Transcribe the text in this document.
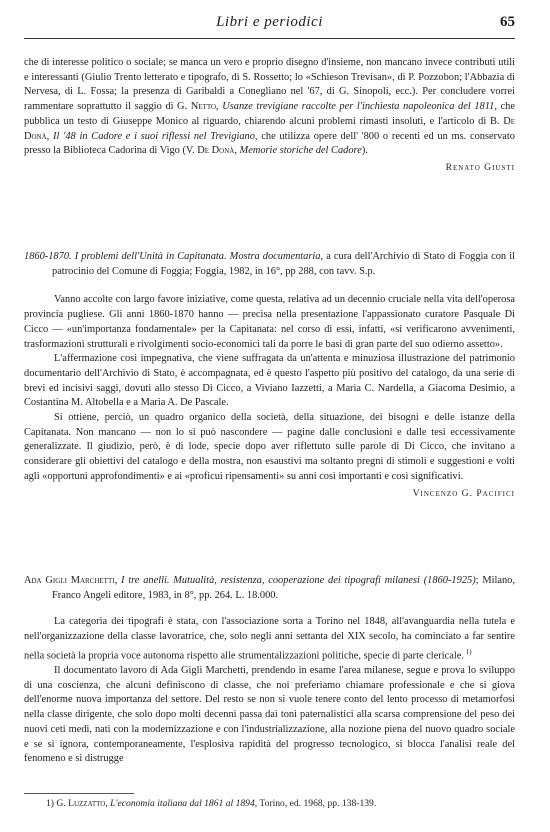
Libri e periodici	65

che di interesse politico o sociale; se manca un vero e proprio disegno d'insieme, non mancano invece contributi utili e interessanti (Giulio Trento letterato e tipografo, di S. Rossetto; lo «Schieson Trevisan», di P. Pozzobon; l'Abbazia di Nervesa, di L. Fossa; la presenza di Garibaldi a Conegliano nel '67, di G. Sinopoli, ecc.). Per concludere vorrei rammentare soprattutto il saggio di G. Netto, Usanze trevigiane raccolte per l'inchiesta napoleonica del 1811, che pubblica un testo di Giuseppe Monico al riguardo, chiarendo alcuni problemi rimasti insoluti, e l'articolo di B. De Donà, Il '48 in Cadore e i suoi riflessi nel Trevigiano, che utilizza opere dell' '800 o recenti ed un ms. conservato presso la Biblioteca Cadorina di Vigo (V. De Donà, Memorie storiche del Cadore).

Renato Giusti

1860-1870. I problemi dell'Unità in Capitanata. Mostra documentaria, a cura dell'Archivio di Stato di Foggia con il patrocinio del Comune di Foggia; Foggia, 1982, in 16°, pp 288, con tavv. S.p.

Vanno accolte con largo favore iniziative, come questa, relativa ad un decennio cruciale nella vita dell'operosa provincia pugliese. Gli anni 1860-1870 hanno — precisa nella presentazione l'appassionato curatore Pasquale Di Cicco — «un'importanza fondamentale» per la Capitanata: nel corso di essi, infatti, «si verificarono avvenimenti, trasformazioni strutturali e rivolgimenti socio-economici tali da porre le basi di gran parte del suo odierno assetto».

L'affermazione così impegnativa, che viene suffragata da un'attenta e minuziosa illustrazione del patrimonio documentario dell'Archivio di Stato, è accompagnata, ed è questo l'aspetto più positivo del catalogo, da una serie di brevi ed incisivi saggi, dovuti allo stesso Di Cicco, a Viviano Iazzetti, a Maria C. Nardella, a Giacoma Desimio, a Costantina M. Altobella e a Maria A. De Pascale.

Si ottiene, perciò, un quadro organico della società, della situazione, dei bisogni e delle istanze della Capitanata. Non mancano — non lo si può nascondere — pagine dalle conclusioni e dalle tesi eccessivamente generalizzate. Il giudizio, però, è di lode, specie dopo aver riflettuto sulle parole di Di Cicco, che invitano a considerare gli obiettivi del catalogo e della mostra, non esaustivi ma soltanto pregni di stimoli e suggestioni e volti agli «opportuni approfondimenti» e ai «proficui ripensamenti» su anni così importanti e così significativi.

Vincenzo G. Pacifici

Ada Gigli Marchetti, I tre anelli. Mutualità, resistenza, cooperazione dei tipografi milanesi (1860-1925); Milano, Franco Angeli editore, 1983, in 8°, pp. 264. L. 18.000.

La categoria dei tipografi è stata, con l'associazione sorta a Torino nel 1848, all'avanguardia nella tutela e nell'organizzazione della classe lavoratrice, che, solo negli anni settanta del XIX secolo, ha cominciato a far sentire nella società la propria voce autonoma rispetto alle strumentalizzazioni politiche, specie di parte clericale. $^{1)}$

Il documentato lavoro di Ada Gigli Marchetti, prendendo in esame l'area milanese, segue e prova lo sviluppo di una coscienza, che alcuni definiscono di classe, che noi preferiamo chiamare professionale e che si giova dell'enorme nuova importanza del settore. Del resto se non si vuole tenere conto del lento processo di metamorfosi nella classe dirigente, che solo dopo molti decenni passa dai toni paternalistici alla scarsa comprensione del peso dei nuovi ceti medi, nati con la modernizzazione e con l'industrializzazione, alla nozione piena del nuovo quadro sociale e se si ignora, contemporaneamente, l'esplosiva rapidità del progresso tecnologico, si blocca l'analisi reale del fenomeno e si distrugge

1) G. Luzzatto, L'economia italiana dal 1861 al 1894, Torino, ed. 1968, pp. 138-139.
